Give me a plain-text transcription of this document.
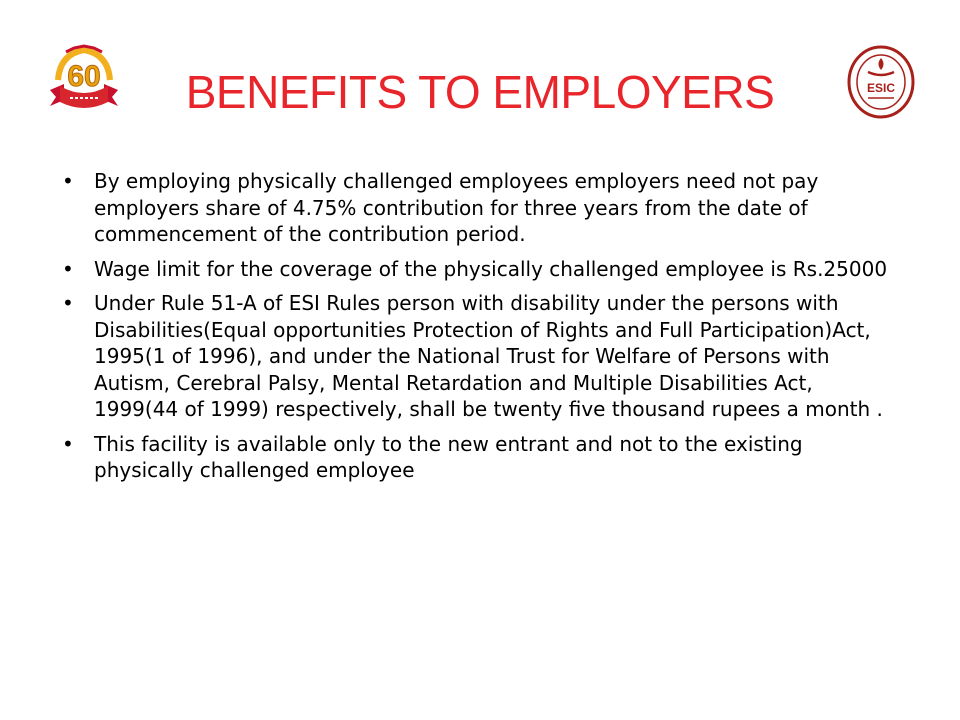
60	BENEFITS TO EMPLOYERS	ESIC
• By employing physically challenged employees employers need not pay employers share of 4.75% contribution for three years from the date of commencement of the contribution period.
• Wage limit for the coverage of the physically challenged employee is Rs.25000
• Under Rule 51-A of ESI Rules person with disability under the persons with Disabilities(Equal opportunities Protection of Rights and Full Participation)Act, 1995(1 of 1996), and under the National Trust for Welfare of Persons with Autism, Cerebral Palsy, Mental Retardation and Multiple Disabilities Act, 1999(44 of 1999) respectively, shall be twenty five thousand rupees a month .
• This facility is available only to the new entrant and not to the existing physically challenged employee
